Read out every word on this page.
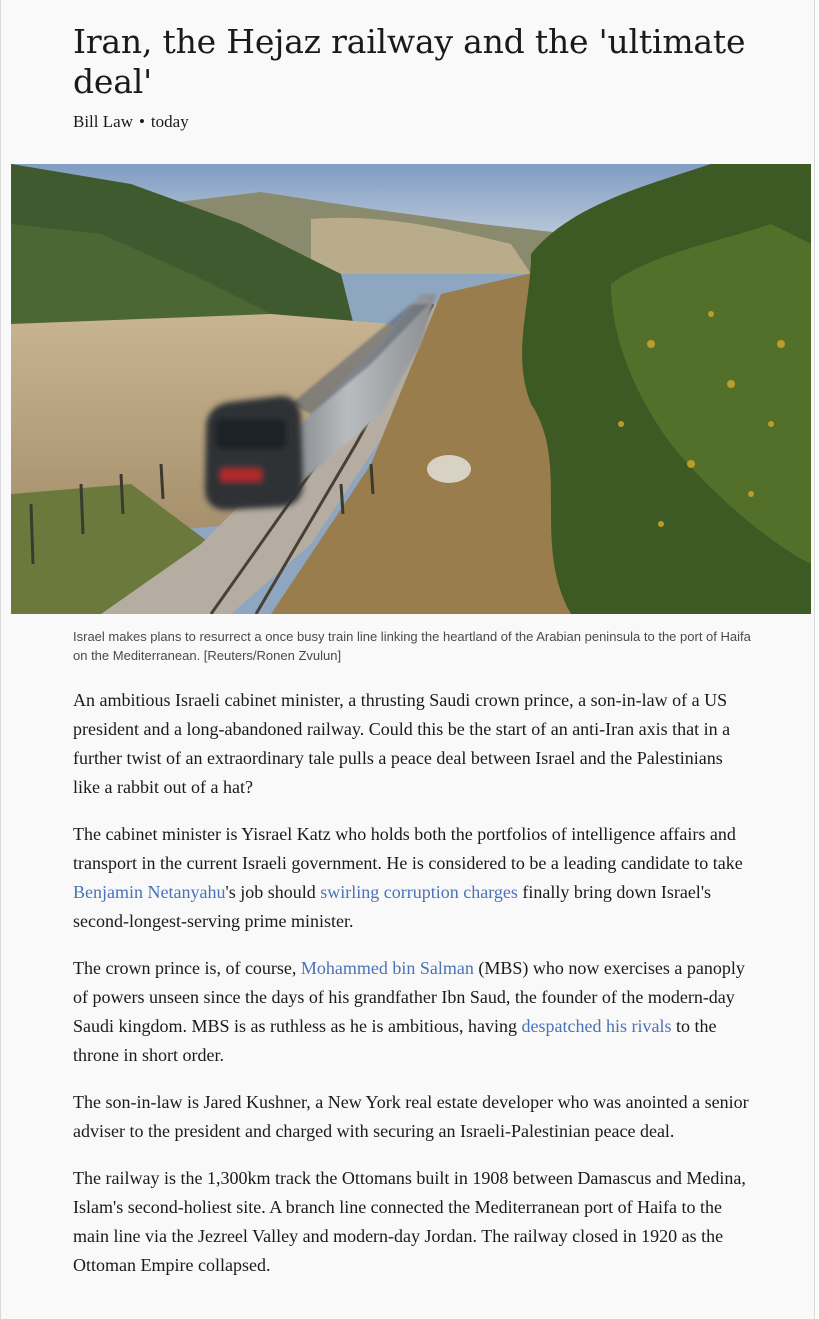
Iran, the Hejaz railway and the 'ultimate deal'
Bill Law • today

Israel makes plans to resurrect a once busy train line linking the heartland of the Arabian peninsula to the port of Haifa on the Mediterranean. [Reuters/Ronen Zvulun]

An ambitious Israeli cabinet minister, a thrusting Saudi crown prince, a son-in-law of a US president and a long-abandoned railway. Could this be the start of an anti-Iran axis that in a further twist of an extraordinary tale pulls a peace deal between Israel and the Palestinians like a rabbit out of a hat?

The cabinet minister is Yisrael Katz who holds both the portfolios of intelligence affairs and transport in the current Israeli government. He is considered to be a leading candidate to take Benjamin Netanyahu's job should swirling corruption charges finally bring down Israel's second-longest-serving prime minister.

The crown prince is, of course, Mohammed bin Salman (MBS) who now exercises a panoply of powers unseen since the days of his grandfather Ibn Saud, the founder of the modern-day Saudi kingdom. MBS is as ruthless as he is ambitious, having despatched his rivals to the throne in short order.

The son-in-law is Jared Kushner, a New York real estate developer who was anointed a senior adviser to the president and charged with securing an Israeli-Palestinian peace deal.

The railway is the 1,300km track the Ottomans built in 1908 between Damascus and Medina, Islam's second-holiest site. A branch line connected the Mediterranean port of Haifa to the main line via the Jezreel Valley and modern-day Jordan. The railway closed in 1920 as the Ottoman Empire collapsed.
